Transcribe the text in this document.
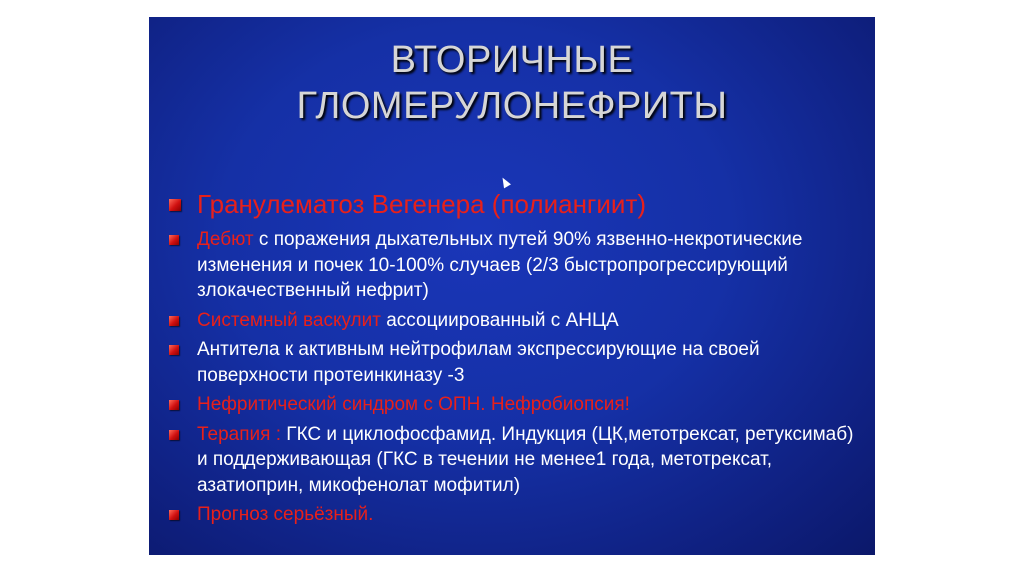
ВТОРИЧНЫЕ
ГЛОМЕРУЛОНЕФРИТЫ
Гранулематоз Вегенера (полиангиит)
Дебют с поражения дыхательных путей 90% язвенно-некротические изменения и почек 10-100% случаев (2/3 быстропрогрессирующий злокачественный нефрит)
Системный васкулит ассоциированный с АНЦА
Антитела к активным нейтрофилам экспрессирующие на своей поверхности протеинкиназу -3
Нефритический синдром с ОПН. Нефробиопсия!
Терапия : ГКС и циклофосфамид. Индукция (ЦК,метотрексат, ретуксимаб) и поддерживающая (ГКС в течении не менее1 года, метотрексат, азатиоприн, микофенолат мофитил)
Прогноз серьёзный.
